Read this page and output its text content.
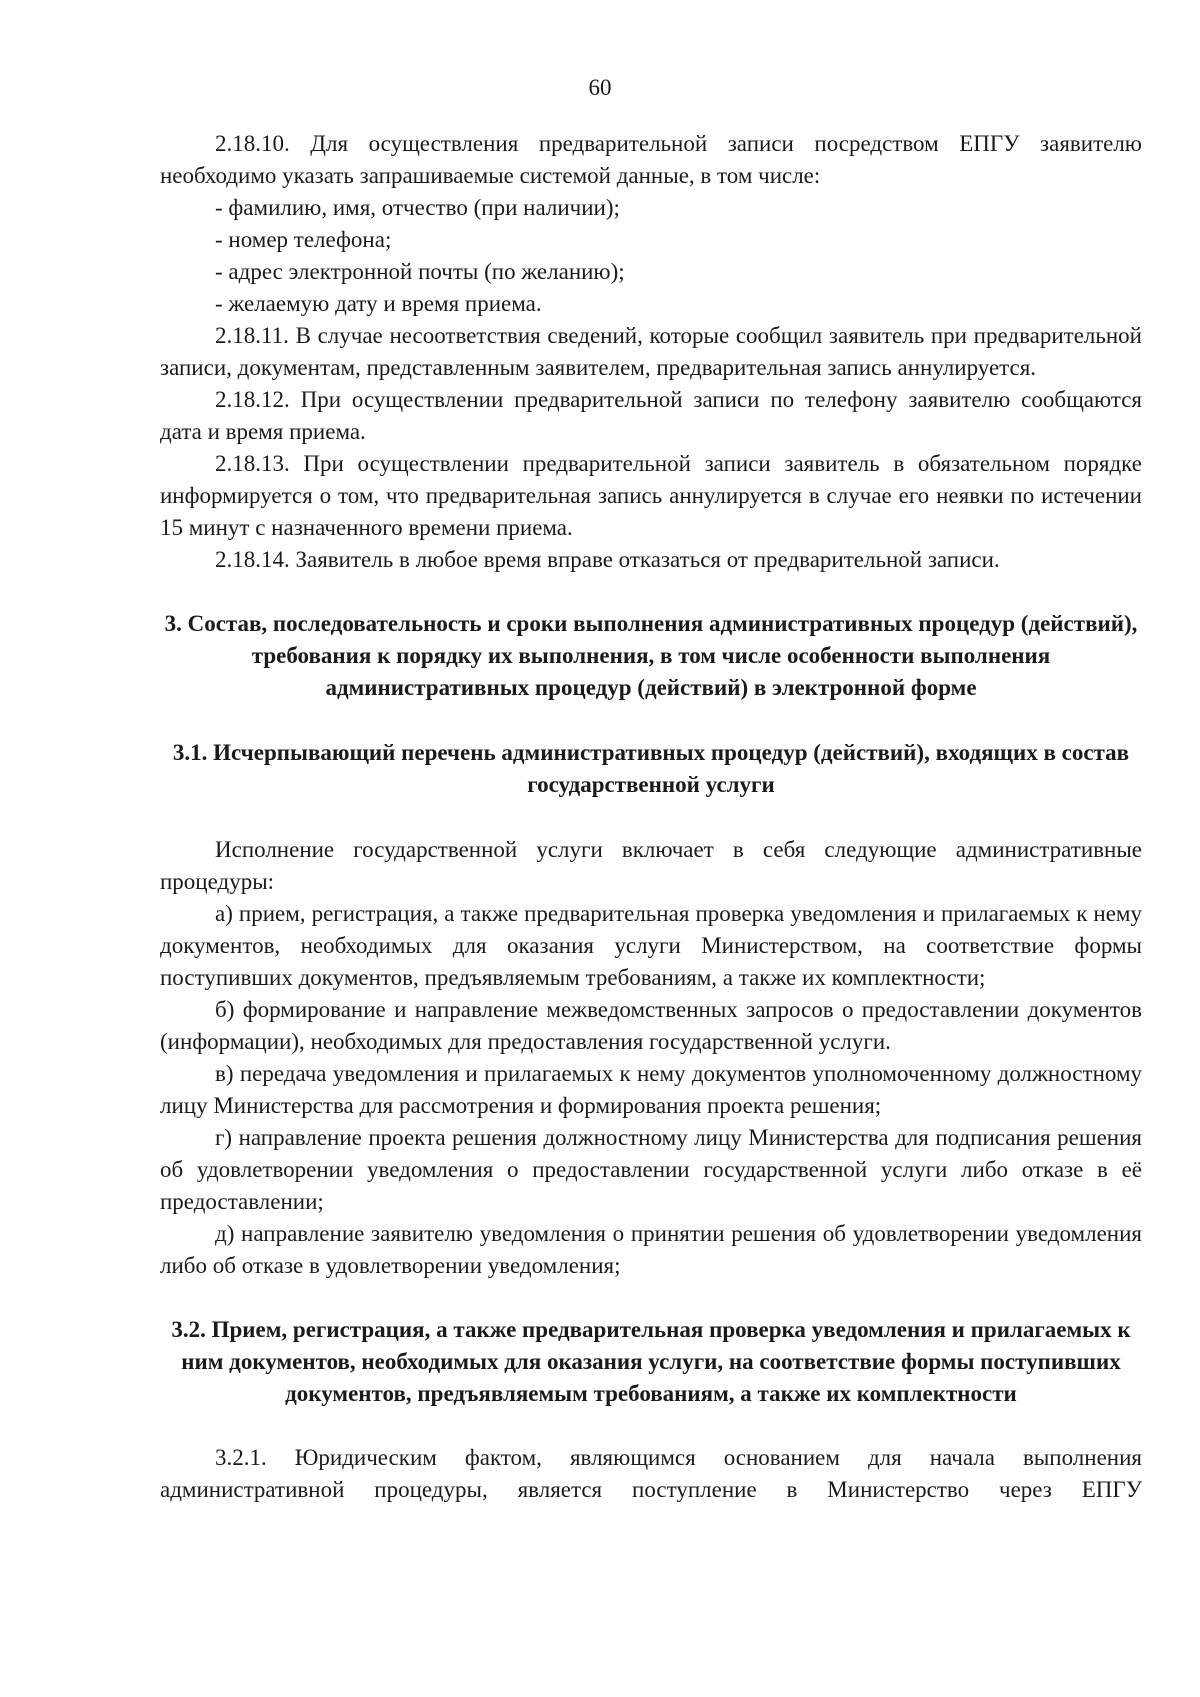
60

2.18.10. Для осуществления предварительной записи посредством ЕПГУ заявителю необходимо указать запрашиваемые системой данные, в том числе:

- фамилию, имя, отчество (при наличии);

- номер телефона;

- адрес электронной почты (по желанию);

- желаемую дату и время приема.

2.18.11. В случае несоответствия сведений, которые сообщил заявитель при предварительной записи, документам, представленным заявителем, предварительная запись аннулируется.

2.18.12. При осуществлении предварительной записи по телефону заявителю сообщаются дата и время приема.

2.18.13. При осуществлении предварительной записи заявитель в обязательном порядке информируется о том, что предварительная запись аннулируется в случае его неявки по истечении 15 минут с назначенного времени приема.

2.18.14. Заявитель в любое время вправе отказаться от предварительной записи.

3. Состав, последовательность и сроки выполнения административных процедур (действий), требования к порядку их выполнения, в том числе особенности выполнения административных процедур (действий) в электронной форме

3.1. Исчерпывающий перечень административных процедур (действий), входящих в состав государственной услуги

Исполнение государственной услуги включает в себя следующие административные процедуры:

а) прием, регистрация, а также предварительная проверка уведомления и прилагаемых к нему документов, необходимых для оказания услуги Министерством, на соответствие формы поступивших документов, предъявляемым требованиям, а также их комплектности;

б) формирование и направление межведомственных запросов о предоставлении документов (информации), необходимых для предоставления государственной услуги.

в) передача уведомления и прилагаемых к нему документов уполномоченному должностному лицу Министерства для рассмотрения и формирования проекта решения;

г) направление проекта решения должностному лицу Министерства для подписания решения об удовлетворении уведомления о предоставлении государственной услуги либо отказе в её предоставлении;

д) направление заявителю уведомления о принятии решения об удовлетворении уведомления либо об отказе в удовлетворении уведомления;

3.2. Прием, регистрация, а также предварительная проверка уведомления и прилагаемых к ним документов, необходимых для оказания услуги, на соответствие формы поступивших документов, предъявляемым требованиям, а также их комплектности

3.2.1. Юридическим фактом, являющимся основанием для начала выполнения административной процедуры, является поступление в Министерство через ЕПГУ
